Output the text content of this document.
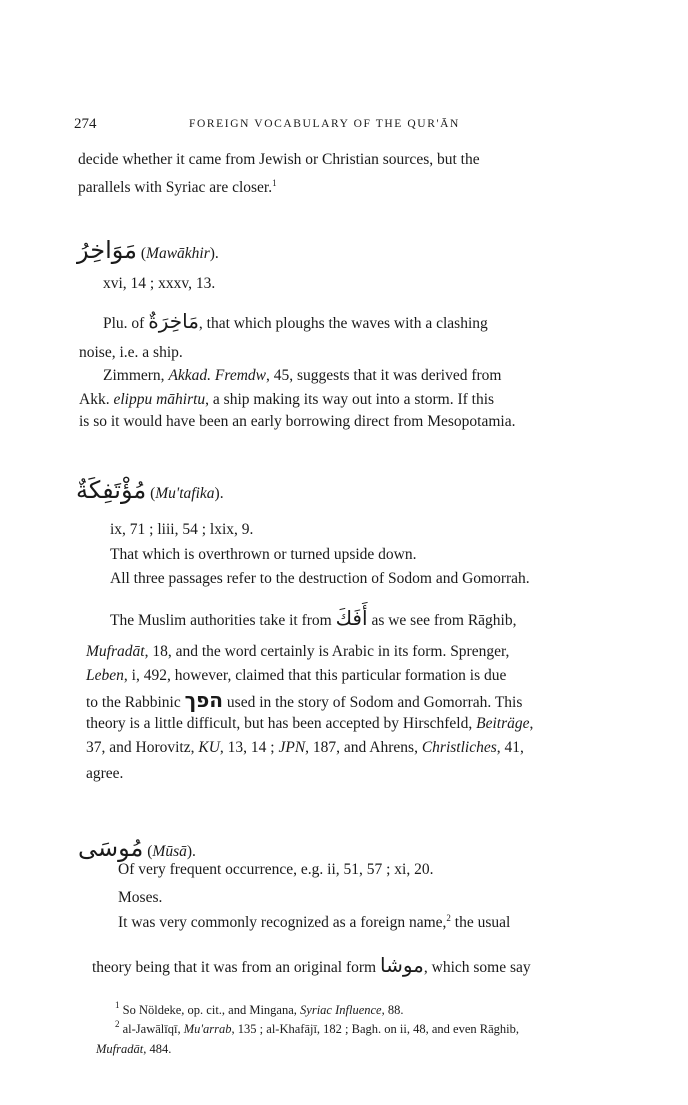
274	FOREIGN VOCABULARY OF THE QUR'ĀN
decide whether it came from Jewish or Christian sources, but the
parallels with Syriac are closer.$^1$
مَوَاخِرُ (Mawākhir).
xvi, 14 ; xxxv, 13.
Plu. of مَاخِرَةٌ, that which ploughs the waves with a clashing
noise, i.e. a ship.
Zimmern, Akkad. Fremdw, 45, suggests that it was derived from
Akk. elippu māhirtu, a ship making its way out into a storm. If this
is so it would have been an early borrowing direct from Mesopotamia.
مُؤْتَفِكَةٌ (Mu'tafika).
ix, 71 ; liii, 54 ; lxix, 9.
That which is overthrown or turned upside down.
All three passages refer to the destruction of Sodom and Gomorrah.
The Muslim authorities take it from أَفَكَ as we see from Rāghib,
Mufradāt, 18, and the word certainly is Arabic in its form. Sprenger,
Leben, i, 492, however, claimed that this particular formation is due
to the Rabbinic הפך used in the story of Sodom and Gomorrah. This
theory is a little difficult, but has been accepted by Hirschfeld, Beiträge,
37, and Horovitz, KU, 13, 14 ; JPN, 187, and Ahrens, Christliches, 41,
agree.
مُوسَى (Mūsā).
Of very frequent occurrence, e.g. ii, 51, 57 ; xi, 20.
Moses.
It was very commonly recognized as a foreign name,$^2$ the usual
theory being that it was from an original form موشا, which some say
$^1$ So Nöldeke, op. cit., and Mingana, Syriac Influence, 88.
$^2$ al-Jawālīqī, Mu'arrab, 135 ; al-Khafājī, 182 ; Bagh. on ii, 48, and even Rāghib,
Mufradāt, 484.
